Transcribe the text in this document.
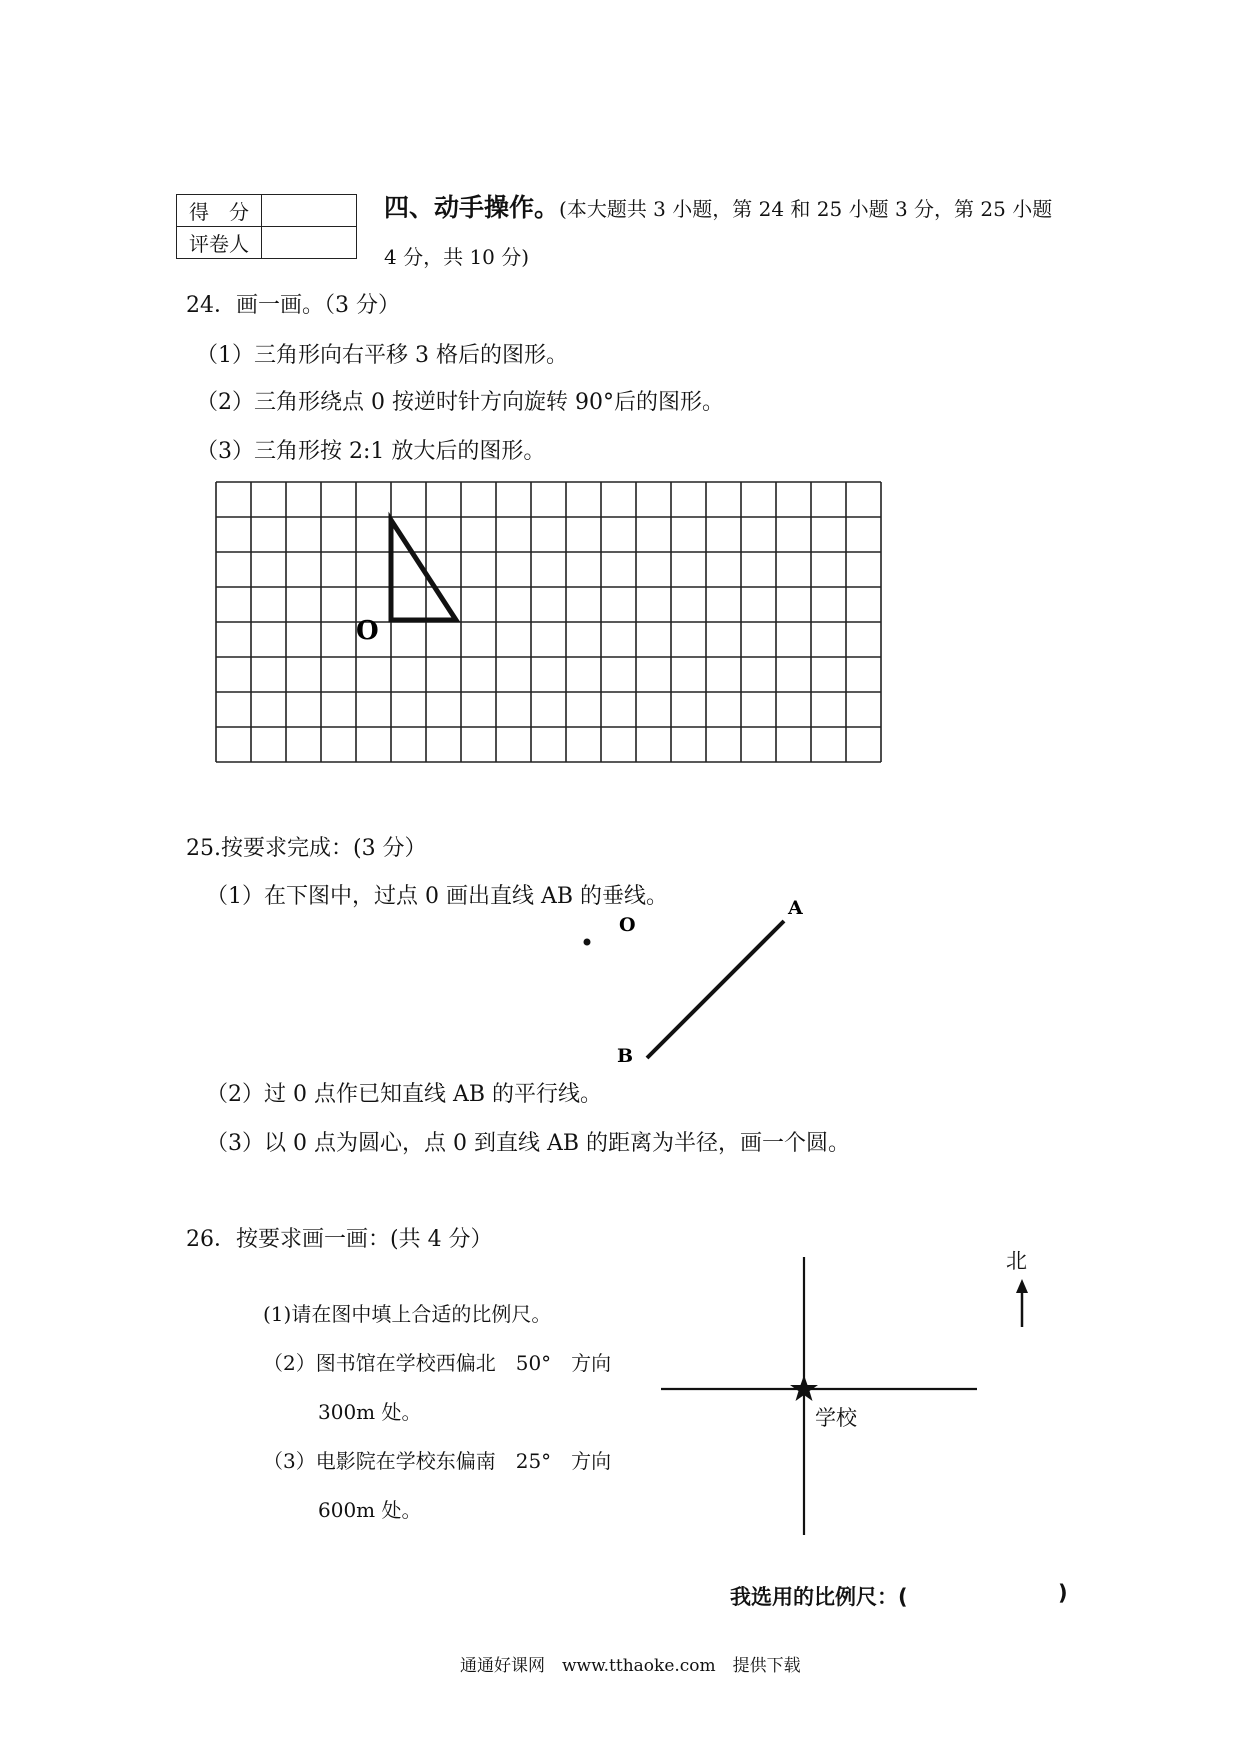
得　分	
评卷人	
四、动手操作。(本大题共 3 小题，第 24 和 25 小题 3 分，第 25 小题
4 分，共 10 分)
24．画一画。（3 分）
（1）三角形向右平移 3 格后的图形。
（2）三角形绕点 0 按逆时针方向旋转 90°后的图形。
（3）三角形按 2:1 放大后的图形。
O
O
A
B
25.按要求完成：(3 分）
（1）在下图中，过点 0 画出直线 AB 的垂线。
（2）过 0 点作已知直线 AB 的平行线。
（3）以 0 点为圆心，点 0 到直线 AB 的距离为半径，画一个圆。
26．按要求画一画：(共 4 分）
(1)请在图中填上合适的比例尺。
（2）图书馆在学校西偏北　50°　方向
300m 处。
（3）电影院在学校东偏南　25°　方向
600m 处。
北
学校
我选用的比例尺：(	)
通通好课网　www.tthaoke.com　提供下载
